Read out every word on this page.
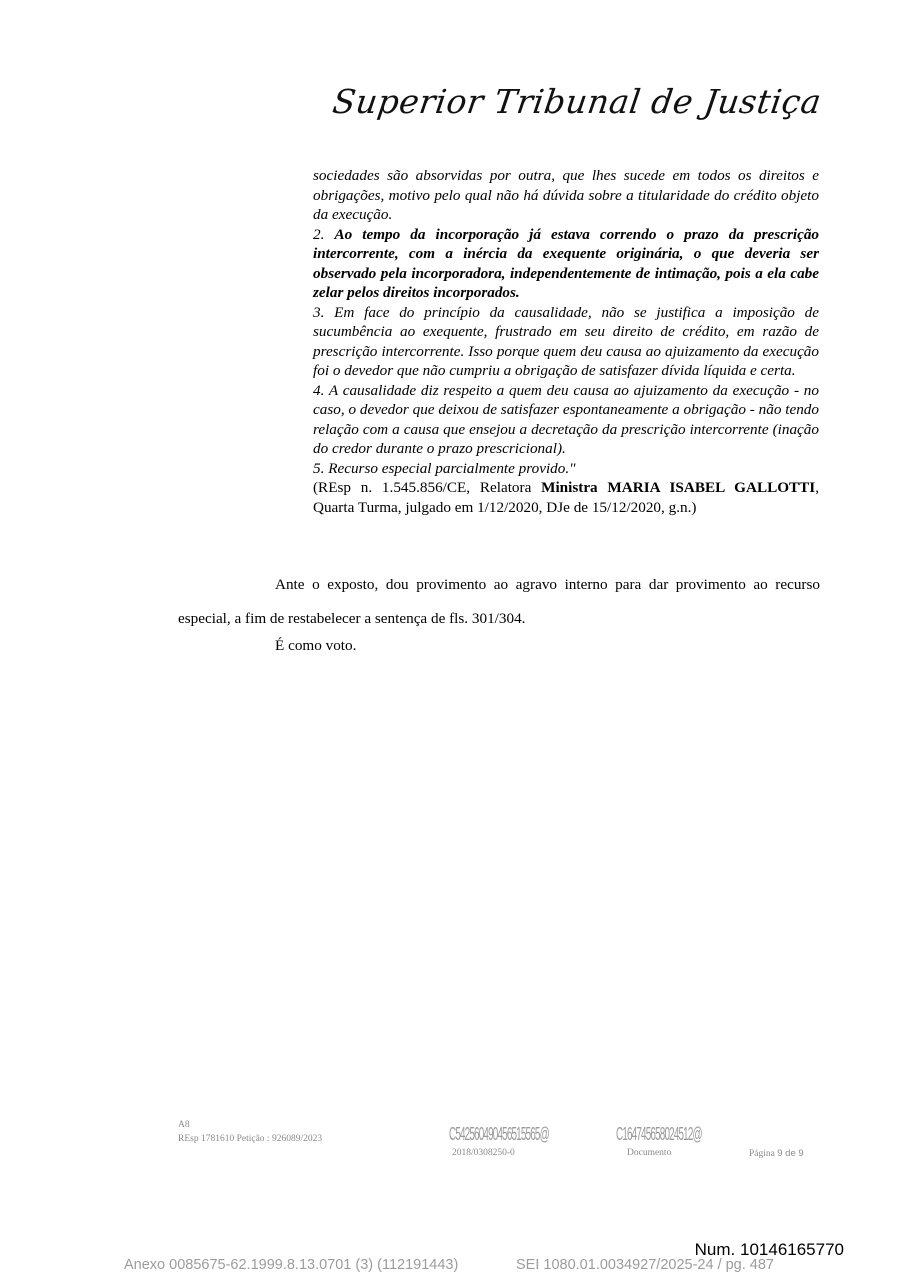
Superior Tribunal de Justiça

sociedades são absorvidas por outra, que lhes sucede em todos os direitos e obrigações, motivo pelo qual não há dúvida sobre a titularidade do crédito objeto da execução.

2. Ao tempo da incorporação já estava correndo o prazo da prescrição intercorrente, com a inércia da exequente originária, o que deveria ser observado pela incorporadora, independentemente de intimação, pois a ela cabe zelar pelos direitos incorporados.

3. Em face do princípio da causalidade, não se justifica a imposição de sucumbência ao exequente, frustrado em seu direito de crédito, em razão de prescrição intercorrente. Isso porque quem deu causa ao ajuizamento da execução foi o devedor que não cumpriu a obrigação de satisfazer dívida líquida e certa.

4. A causalidade diz respeito a quem deu causa ao ajuizamento da execução - no caso, o devedor que deixou de satisfazer espontaneamente a obrigação - não tendo relação com a causa que ensejou a decretação da prescrição intercorrente (inação do credor durante o prazo prescricional).

5. Recurso especial parcialmente provido."

(REsp n. 1.545.856/CE, Relatora Ministra MARIA ISABEL GALLOTTI, Quarta Turma, julgado em 1/12/2020, DJe de 15/12/2020, g.n.)

Ante o exposto, dou provimento ao agravo interno para dar provimento ao recurso especial, a fim de restabelecer a sentença de fls. 301/304.

É como voto.

A8
REsp 1781610 Petição : 926089/2023	C542560490456515565@
2018/0308250-0
C164745658024512@
Documento	Página 9 de 9
Num. 10146165770
Anexo 0085675-62.1999.8.13.0701 (3) (112191443)	SEI 1080.01.0034927/2025-24 / pg. 487
